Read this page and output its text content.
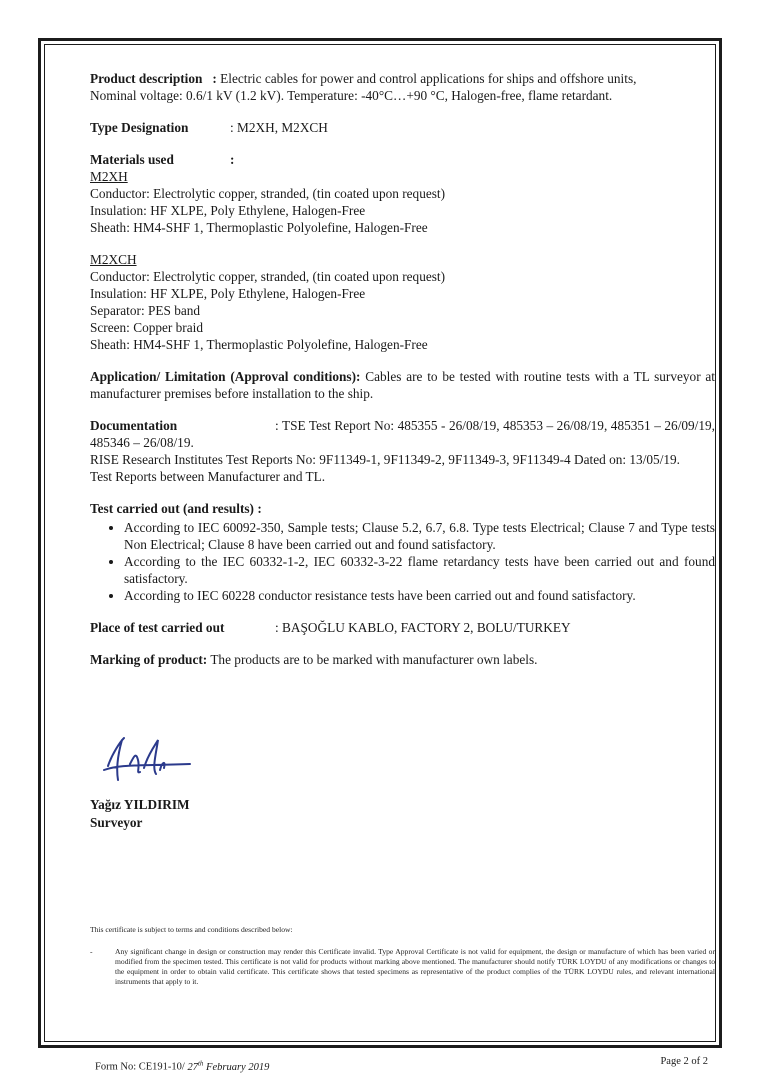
Product description : Electric cables for power and control applications for ships and offshore units,
Nominal voltage: 0.6/1 kV (1.2 kV). Temperature: -40°C…+90 °C, Halogen-free, flame retardant.

Type Designation	: M2XH, M2XCH

Materials used	:

M2XH
Conductor: Electrolytic copper, stranded, (tin coated upon request)
Insulation: HF XLPE, Poly Ethylene, Halogen-Free
Sheath: HM4-SHF 1, Thermoplastic Polyolefine, Halogen-Free
M2XCH
Conductor: Electrolytic copper, stranded, (tin coated upon request)
Insulation: HF XLPE, Poly Ethylene, Halogen-Free
Separator: PES band
Screen: Copper braid
Sheath: HM4-SHF 1, Thermoplastic Polyolefine, Halogen-Free

Application/ Limitation (Approval conditions): Cables are to be tested with routine tests with a TL surveyor at manufacturer premises before installation to the ship.

Documentation	: TSE Test Report No: 485355 - 26/08/19, 485353 – 26/08/19, 485351 – 26/09/19, 485346 – 26/08/19.
RISE Research Institutes Test Reports No: 9F11349-1, 9F11349-2, 9F11349-3, 9F11349-4 Dated on: 13/05/19.
Test Reports between Manufacturer and TL.
Test carried out (and results) :
• According to IEC 60092-350, Sample tests; Clause 5.2, 6.7, 6.8. Type tests Electrical; Clause 7 and Type tests Non Electrical; Clause 8 have been carried out and found satisfactory.
• According to the IEC 60332-1-2, IEC 60332-3-22 flame retardancy tests have been carried out and found satisfactory.
• According to IEC 60228 conductor resistance tests have been carried out and found satisfactory.

Place of test carried out	: BAŞOĞLU KABLO, FACTORY 2, BOLU/TURKEY

Marking of product: The products are to be marked with manufacturer own labels.

Yağız YILDIRIM
Surveyor
This certificate is subject to terms and conditions described below:
-	Any significant change in design or construction may render this Certificate invalid. Type Approval Certificate is not valid for equipment, the design or manufacture of which has been varied or modified from the specimen tested. This certificate is not valid for products without marking above mentioned. The manufacturer should notify TÜRK LOYDU of any modifications or changes to the equipment in order to obtain valid certificate. This certificate shows that tested specimens as representative of the product complies of the TÜRK LOYDU rules, and relevant international instruments that apply to it.
Form No: CE191-10/ 27th February 2019	Page 2 of 2
